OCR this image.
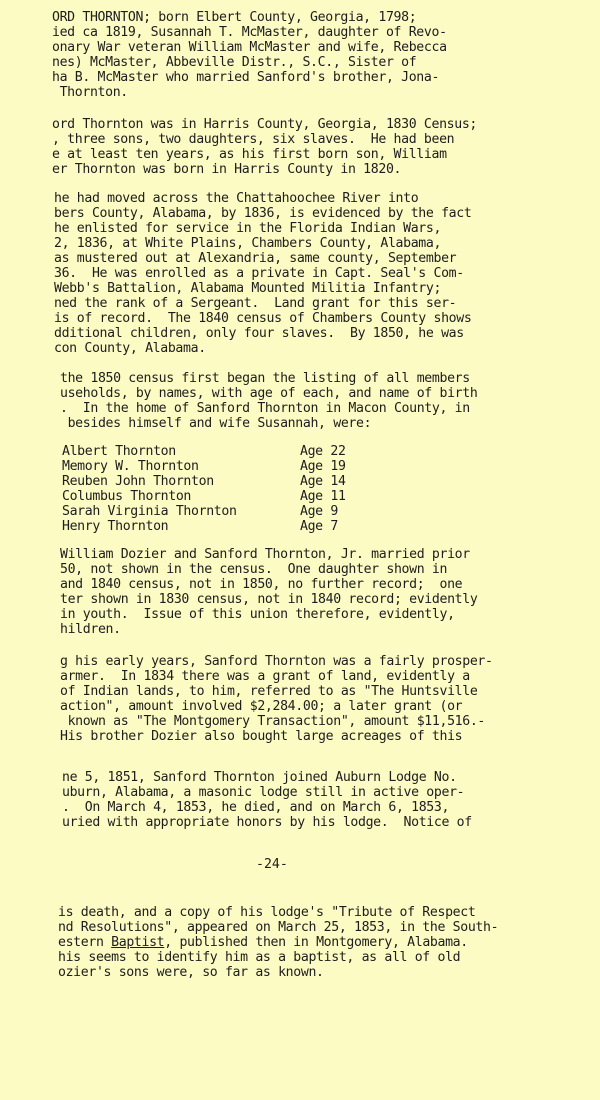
ORD THORNTON; born Elbert County, Georgia, 1798;
ied ca 1819, Susannah T. McMaster, daughter of Revo-
onary War veteran William McMaster and wife, Rebecca
nes) McMaster, Abbeville Distr., S.C., Sister of
ha B. McMaster who married Sanford's brother, Jona-
Thornton.
ord Thornton was in Harris County, Georgia, 1830 Census;
, three sons, two daughters, six slaves.  He had been
e at least ten years, as his first born son, William
er Thornton was born in Harris County in 1820.
he had moved across the Chattahoochee River into
bers County, Alabama, by 1836, is evidenced by the fact
he enlisted for service in the Florida Indian Wars,
2, 1836, at White Plains, Chambers County, Alabama,
as mustered out at Alexandria, same county, September
36.  He was enrolled as a private in Capt. Seal's Com-
Webb's Battalion, Alabama Mounted Militia Infantry;
ned the rank of a Sergeant.  Land grant for this ser-
is of record.  The 1840 census of Chambers County shows
dditional children, only four slaves.  By 1850, he was
con County, Alabama.
the 1850 census first began the listing of all members
useholds, by names, with age of each, and name of birth
.  In the home of Sanford Thornton in Macon County, in
besides himself and wife Susannah, were:
Albert Thornton	Age 22
Memory W. Thornton	Age 19
Reuben John Thornton	Age 14
Columbus Thornton	Age 11
Sarah Virginia Thornton	Age 9
Henry Thornton	Age 7
William Dozier and Sanford Thornton, Jr. married prior
50, not shown in the census.  One daughter shown in
and 1840 census, not in 1850, no further record;  one
ter shown in 1830 census, not in 1840 record; evidently
in youth.  Issue of this union therefore, evidently,
hildren.
g his early years, Sanford Thornton was a fairly prosper-
armer.  In 1834 there was a grant of land, evidently a
of Indian lands, to him, referred to as "The Huntsville
action", amount involved $2,284.00; a later grant (or
known as "The Montgomery Transaction", amount $11,516.-
His brother Dozier also bought large acreages of this
ne 5, 1851, Sanford Thornton joined Auburn Lodge No.
uburn, Alabama, a masonic lodge still in active oper-
.  On March 4, 1853, he died, and on March 6, 1853,
uried with appropriate honors by his lodge.  Notice of
-24-
is death, and a copy of his lodge's "Tribute of Respect
nd Resolutions", appeared on March 25, 1853, in the South-
estern Baptist, published then in Montgomery, Alabama.
his seems to identify him as a baptist, as all of old
ozier's sons were, so far as known.
